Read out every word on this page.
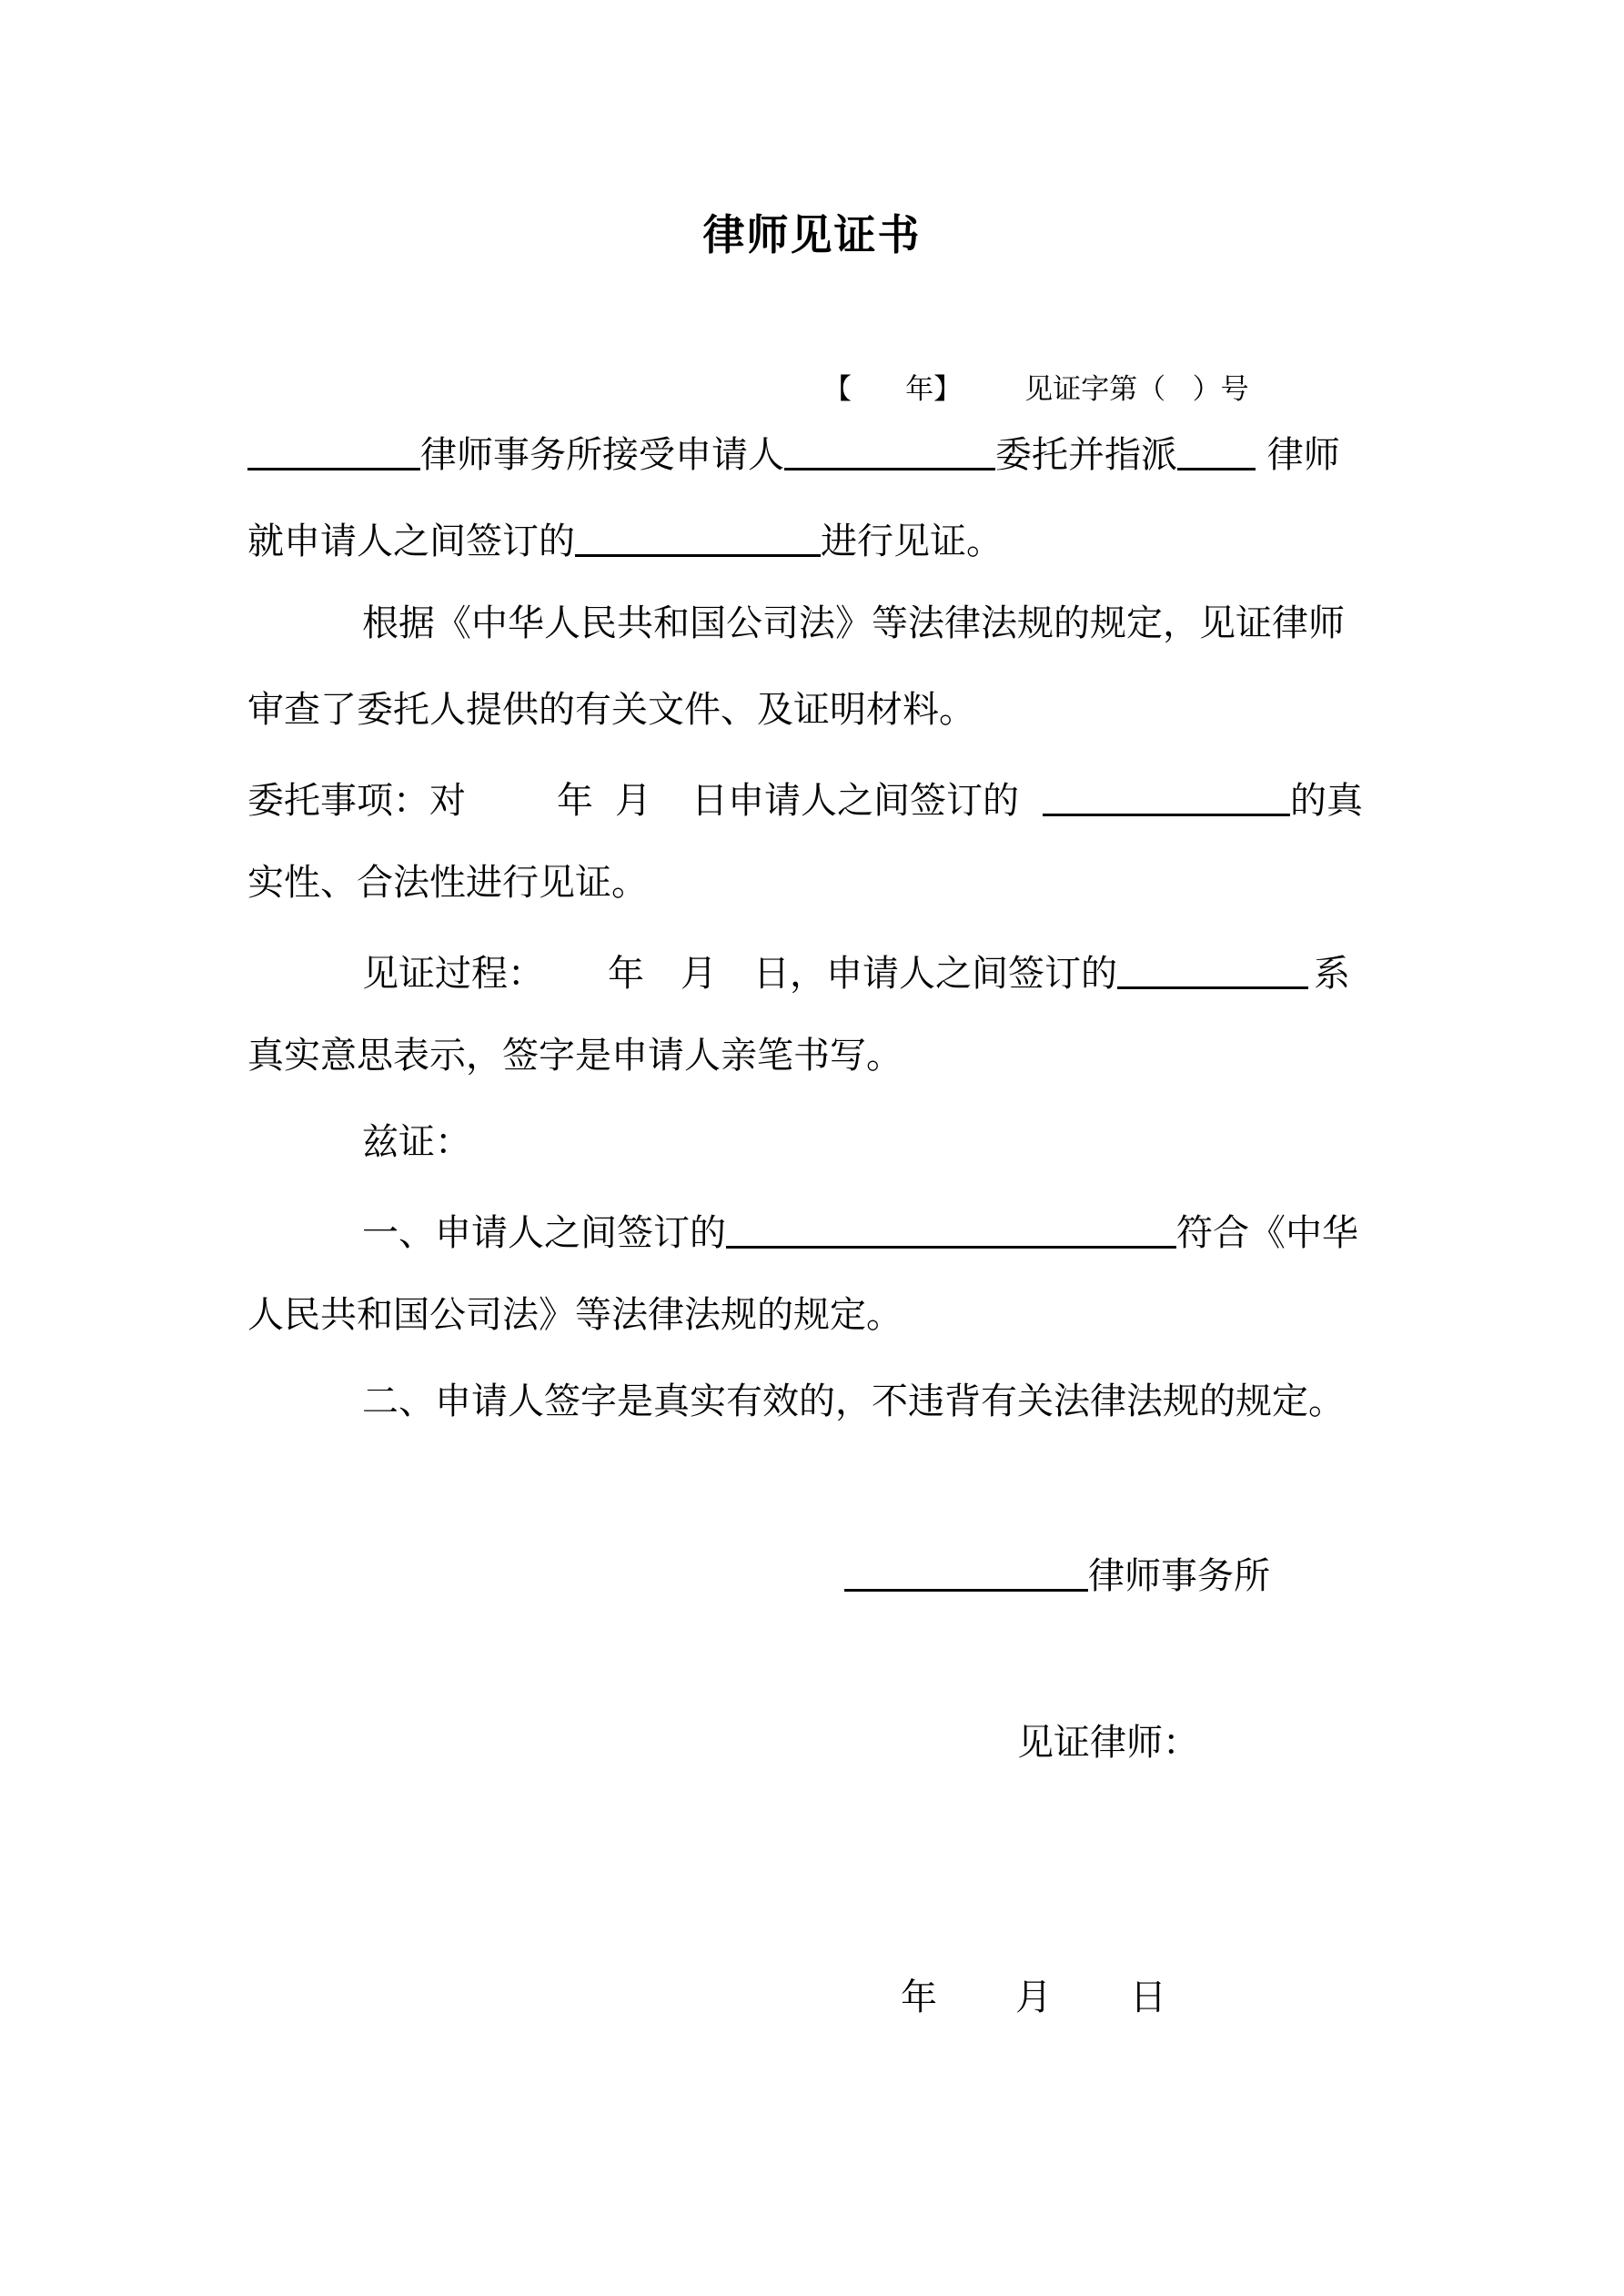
律师见证书
【 年】 见证字第（ ）号
律师事务所接受申请人	委托并指派 律师
就申请人之间签订的	进行见证。
根据《中华人民共和国公司法》等法律法规的规定，见证律师
审查了委托人提供的有关文件、及证明材料。
委托事项：对	年 月 日申请人之间签订的	的真
实性、合法性进行见证。
见证过程： 年 月 日，申请人之间签订的	系
真实意思表示，签字是申请人亲笔书写。
兹证：
一、申请人之间签订的	符合《中华
人民共和国公司法》等法律法规的规定。
二、申请人签字是真实有效的，不违背有关法律法规的规定。
律师事务所
见证律师：
年 月 日
